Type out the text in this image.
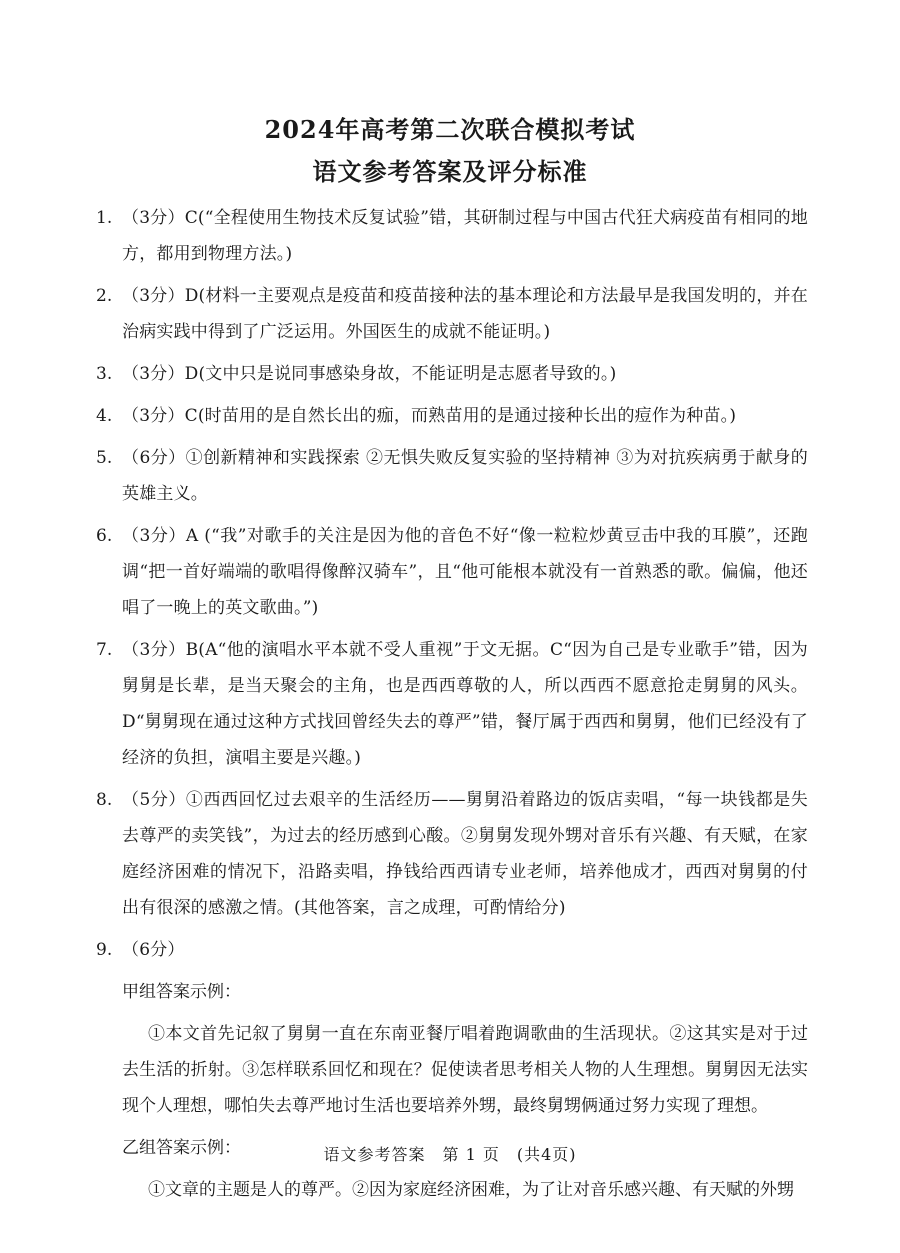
2024年高考第二次联合模拟考试
语文参考答案及评分标准
1. （3分）C(“全程使用生物技术反复试验”错，其研制过程与中国古代狂犬病疫苗有相同的地方，都用到物理方法。)
2. （3分）D(材料一主要观点是疫苗和疫苗接种法的基本理论和方法最早是我国发明的，并在治病实践中得到了广泛运用。外国医生的成就不能证明。)
3. （3分）D(文中只是说同事感染身故，不能证明是志愿者导致的。)
4. （3分）C(时苗用的是自然长出的痂，而熟苗用的是通过接种长出的痘作为种苗。)
5. （6分）①创新精神和实践探索 ②无惧失败反复实验的坚持精神 ③为对抗疾病勇于献身的英雄主义。
6. （3分）A (“我”对歌手的关注是因为他的音色不好“像一粒粒炒黄豆击中我的耳膜”，还跑调“把一首好端端的歌唱得像醉汉骑车”，且“他可能根本就没有一首熟悉的歌。偏偏，他还唱了一晚上的英文歌曲。”)
7. （3分）B(A“他的演唱水平本就不受人重视”于文无据。C“因为自己是专业歌手”错，因为舅舅是长辈，是当天聚会的主角，也是西西尊敬的人，所以西西不愿意抢走舅舅的风头。D“舅舅现在通过这种方式找回曾经失去的尊严”错，餐厅属于西西和舅舅，他们已经没有了经济的负担，演唱主要是兴趣。)
8. （5分）①西西回忆过去艰辛的生活经历——舅舅沿着路边的饭店卖唱，“每一块钱都是失去尊严的卖笑钱”，为过去的经历感到心酸。②舅舅发现外甥对音乐有兴趣、有天赋，在家庭经济困难的情况下，沿路卖唱，挣钱给西西请专业老师，培养他成才，西西对舅舅的付出有很深的感激之情。(其他答案，言之成理，可酌情给分)
9. （6分）
甲组答案示例：
①本文首先记叙了舅舅一直在东南亚餐厅唱着跑调歌曲的生活现状。②这其实是对于过去生活的折射。③怎样联系回忆和现在？促使读者思考相关人物的人生理想。舅舅因无法实现个人理想，哪怕失去尊严地讨生活也要培养外甥，最终舅甥俩通过努力实现了理想。
乙组答案示例：
①文章的主题是人的尊严。②因为家庭经济困难，为了让对音乐感兴趣、有天赋的外甥
语文参考答案　第 1 页　(共4页)
